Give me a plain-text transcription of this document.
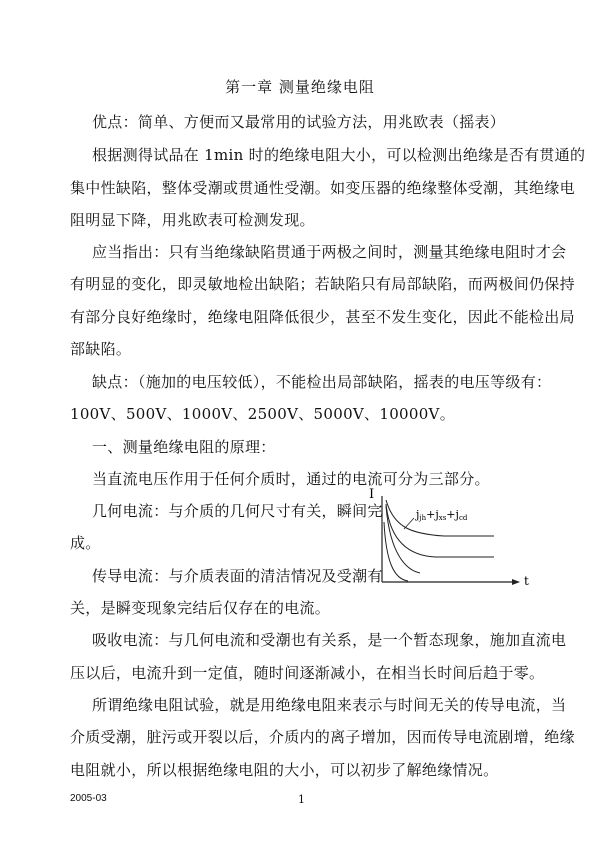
第一章 测量绝缘电阻
优点：简单、方便而又最常用的试验方法，用兆欧表（摇表）
根据测得试品在 1min 时的绝缘电阻大小，可以检测出绝缘是否有贯通的
集中性缺陷，整体受潮或贯通性受潮。如变压器的绝缘整体受潮，其绝缘电
阻明显下降，用兆欧表可检测发现。
应当指出：只有当绝缘缺陷贯通于两极之间时，测量其绝缘电阻时才会
有明显的变化，即灵敏地检出缺陷；若缺陷只有局部缺陷，而两极间仍保持
有部分良好绝缘时，绝缘电阻降低很少，甚至不发生变化，因此不能检出局
部缺陷。
缺点：（施加的电压较低），不能检出局部缺陷，摇表的电压等级有：
100V、500V、1000V、2500V、5000V、10000V。
一、测量绝缘电阻的原理：
当直流电压作用于任何介质时，通过的电流可分为三部分。
几何电流：与介质的几何尺寸有关，瞬间完
成。
传导电流：与介质表面的清洁情况及受潮有
关，是瞬变现象完结后仅存在的电流。
吸收电流：与几何电流和受潮也有关系，是一个暂态现象，施加直流电
压以后，电流升到一定值，随时间逐渐减小，在相当长时间后趋于零。
所谓绝缘电阻试验，就是用绝缘电阻来表示与时间无关的传导电流，当
介质受潮，脏污或开裂以后，介质内的离子增加，因而传导电流剧增，绝缘
电阻就小，所以根据绝缘电阻的大小，可以初步了解绝缘情况。
I
t
jjh+jxs+jcd
2005-03	1
